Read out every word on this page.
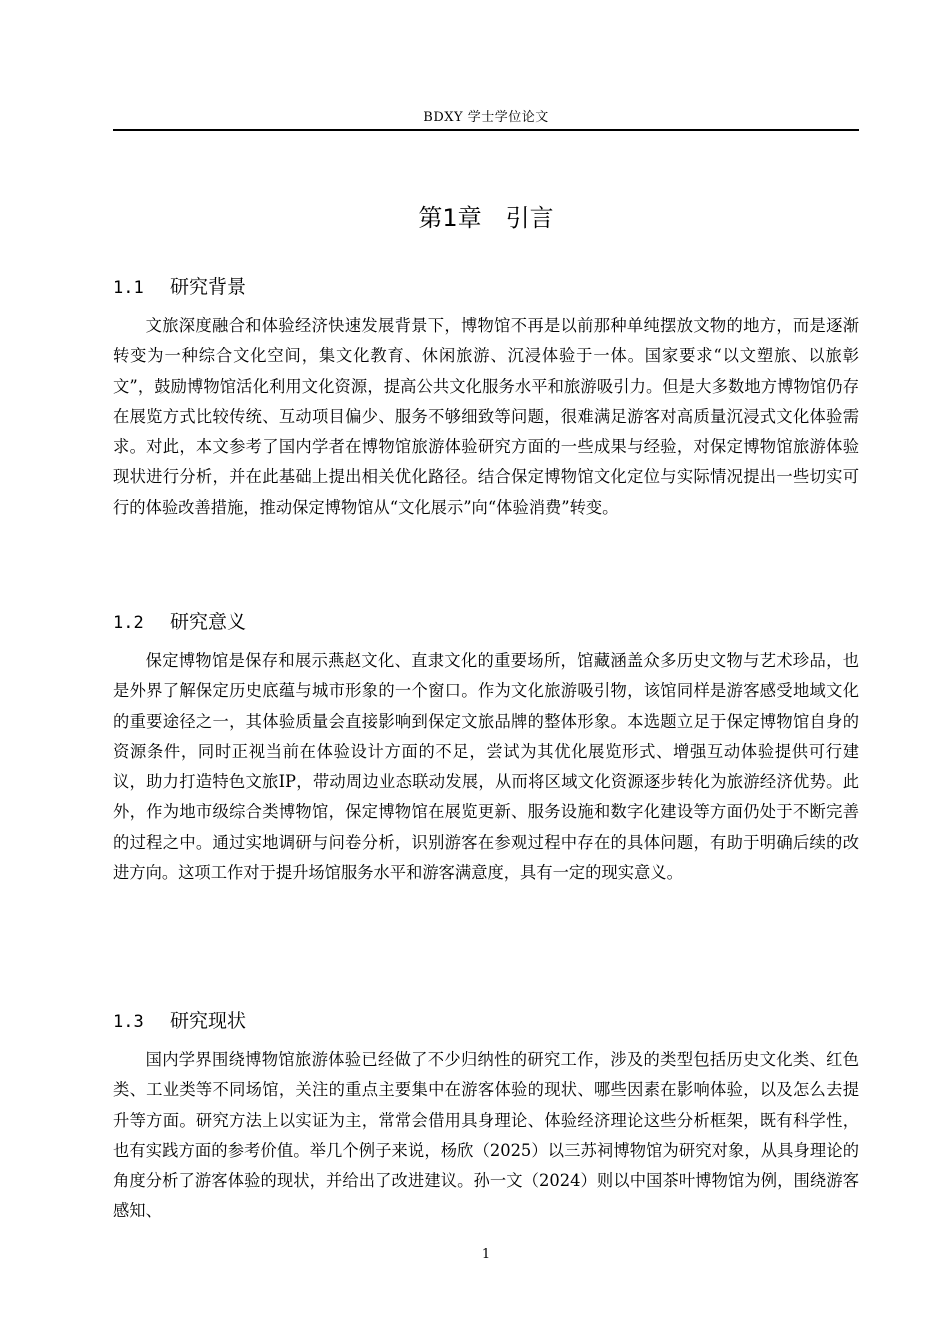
BDXY 学士学位论文
第1章　引言
1.1 研究背景

文旅深度融合和体验经济快速发展背景下，博物馆不再是以前那种单纯摆放文物的地方，而是逐渐转变为一种综合文化空间，集文化教育、休闲旅游、沉浸体验于一体。国家要求“以文塑旅、以旅彰文”，鼓励博物馆活化利用文化资源，提高公共文化服务水平和旅游吸引力。但是大多数地方博物馆仍存在展览方式比较传统、互动项目偏少、服务不够细致等问题，很难满足游客对高质量沉浸式文化体验需求。对此，本文参考了国内学者在博物馆旅游体验研究方面的一些成果与经验，对保定博物馆旅游体验现状进行分析，并在此基础上提出相关优化路径。结合保定博物馆文化定位与实际情况提出一些切实可行的体验改善措施，推动保定博物馆从“文化展示”向“体验消费”转变。

1.2 研究意义

保定博物馆是保存和展示燕赵文化、直隶文化的重要场所，馆藏涵盖众多历史文物与艺术珍品，也是外界了解保定历史底蕴与城市形象的一个窗口。作为文化旅游吸引物，该馆同样是游客感受地域文化的重要途径之一，其体验质量会直接影响到保定文旅品牌的整体形象。本选题立足于保定博物馆自身的资源条件，同时正视当前在体验设计方面的不足，尝试为其优化展览形式、增强互动体验提供可行建议，助力打造特色文旅IP，带动周边业态联动发展，从而将区域文化资源逐步转化为旅游经济优势。此外，作为地市级综合类博物馆，保定博物馆在展览更新、服务设施和数字化建设等方面仍处于不断完善的过程之中。通过实地调研与问卷分析，识别游客在参观过程中存在的具体问题，有助于明确后续的改进方向。这项工作对于提升场馆服务水平和游客满意度，具有一定的现实意义。

1.3 研究现状

国内学界围绕博物馆旅游体验已经做了不少归纳性的研究工作，涉及的类型包括历史文化类、红色类、工业类等不同场馆，关注的重点主要集中在游客体验的现状、哪些因素在影响体验，以及怎么去提升等方面。研究方法上以实证为主，常常会借用具身理论、体验经济理论这些分析框架，既有科学性，也有实践方面的参考价值。举几个例子来说，杨欣（2025）以三苏祠博物馆为研究对象，从具身理论的角度分析了游客体验的现状，并给出了改进建议。孙一文（2024）则以中国茶叶博物馆为例，围绕游客感知、

1
